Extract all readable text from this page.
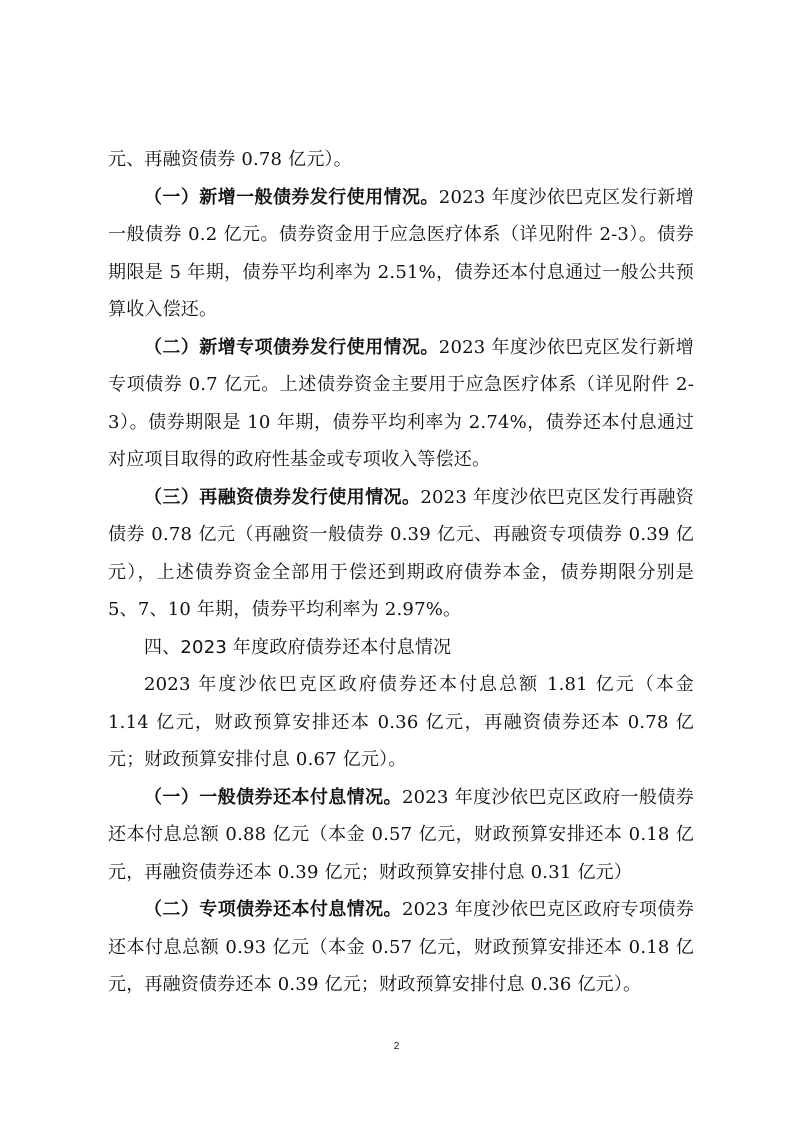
元、再融资债券 0.78 亿元）。

（一）新增一般债券发行使用情况。2023 年度沙依巴克区发行新增一般债券 0.2 亿元。债券资金用于应急医疗体系（详见附件 2-3）。债券期限是 5 年期，债券平均利率为 2.51%，债券还本付息通过一般公共预算收入偿还。

（二）新增专项债券发行使用情况。2023 年度沙依巴克区发行新增专项债券 0.7 亿元。上述债券资金主要用于应急医疗体系（详见附件 2-3）。债券期限是 10 年期，债券平均利率为 2.74%，债券还本付息通过对应项目取得的政府性基金或专项收入等偿还。

（三）再融资债券发行使用情况。2023 年度沙依巴克区发行再融资债券 0.78 亿元（再融资一般债券 0.39 亿元、再融资专项债券 0.39 亿元），上述债券资金全部用于偿还到期政府债券本金，债券期限分别是 5、7、10 年期，债券平均利率为 2.97%。

四、2023 年度政府债券还本付息情况

2023 年度沙依巴克区政府债券还本付息总额 1.81 亿元（本金 1.14 亿元，财政预算安排还本 0.36 亿元，再融资债券还本 0.78 亿元；财政预算安排付息 0.67 亿元）。

（一）一般债券还本付息情况。2023 年度沙依巴克区政府一般债券还本付息总额 0.88 亿元（本金 0.57 亿元，财政预算安排还本 0.18 亿元，再融资债券还本 0.39 亿元；财政预算安排付息 0.31 亿元）

（二）专项债券还本付息情况。2023 年度沙依巴克区政府专项债券还本付息总额 0.93 亿元（本金 0.57 亿元，财政预算安排还本 0.18 亿元，再融资债券还本 0.39 亿元；财政预算安排付息 0.36 亿元）。

2
